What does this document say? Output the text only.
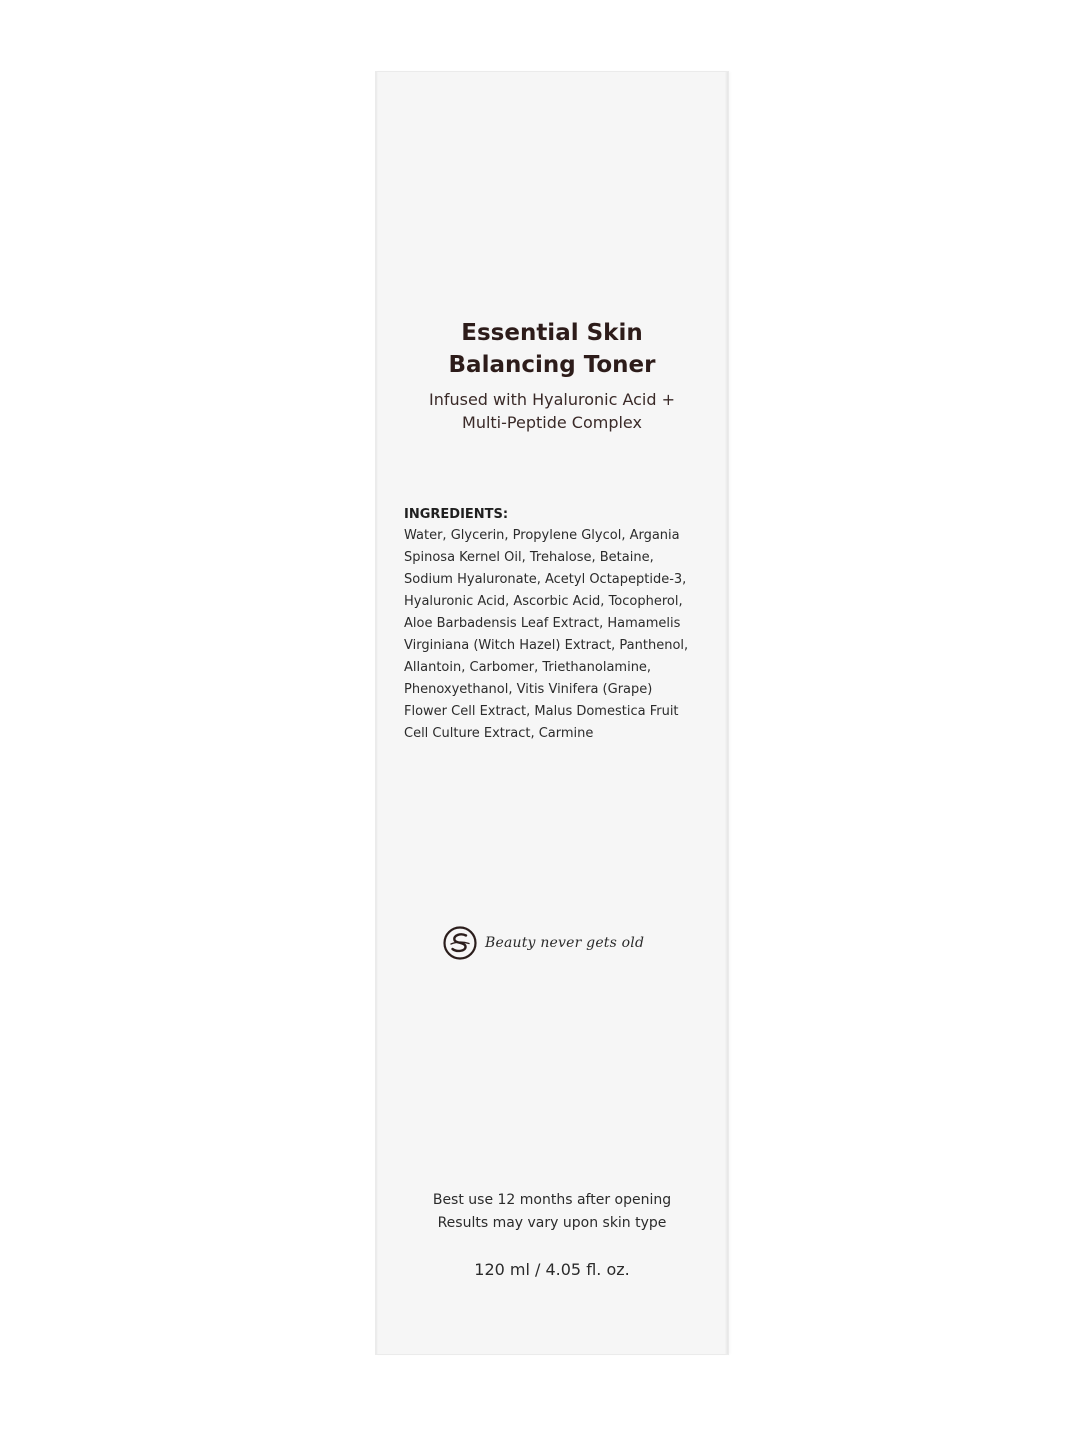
Essential Skin
Balancing Toner

Infused with Hyaluronic Acid +

Multi-Peptide Complex

INGREDIENTS:

Water, Glycerin, Propylene Glycol, Argania

Spinosa Kernel Oil, Trehalose, Betaine,

Sodium Hyaluronate, Acetyl Octapeptide-3,

Hyaluronic Acid, Ascorbic Acid, Tocopherol,

Aloe Barbadensis Leaf Extract, Hamamelis

Virginiana (Witch Hazel) Extract, Panthenol,

Allantoin, Carbomer, Triethanolamine,

Phenoxyethanol, Vitis Vinifera (Grape)

Flower Cell Extract, Malus Domestica Fruit

Cell Culture Extract, Carmine

Beauty never gets old

Best use 12 months after opening

Results may vary upon skin type

120 ml / 4.05 fl. oz.
